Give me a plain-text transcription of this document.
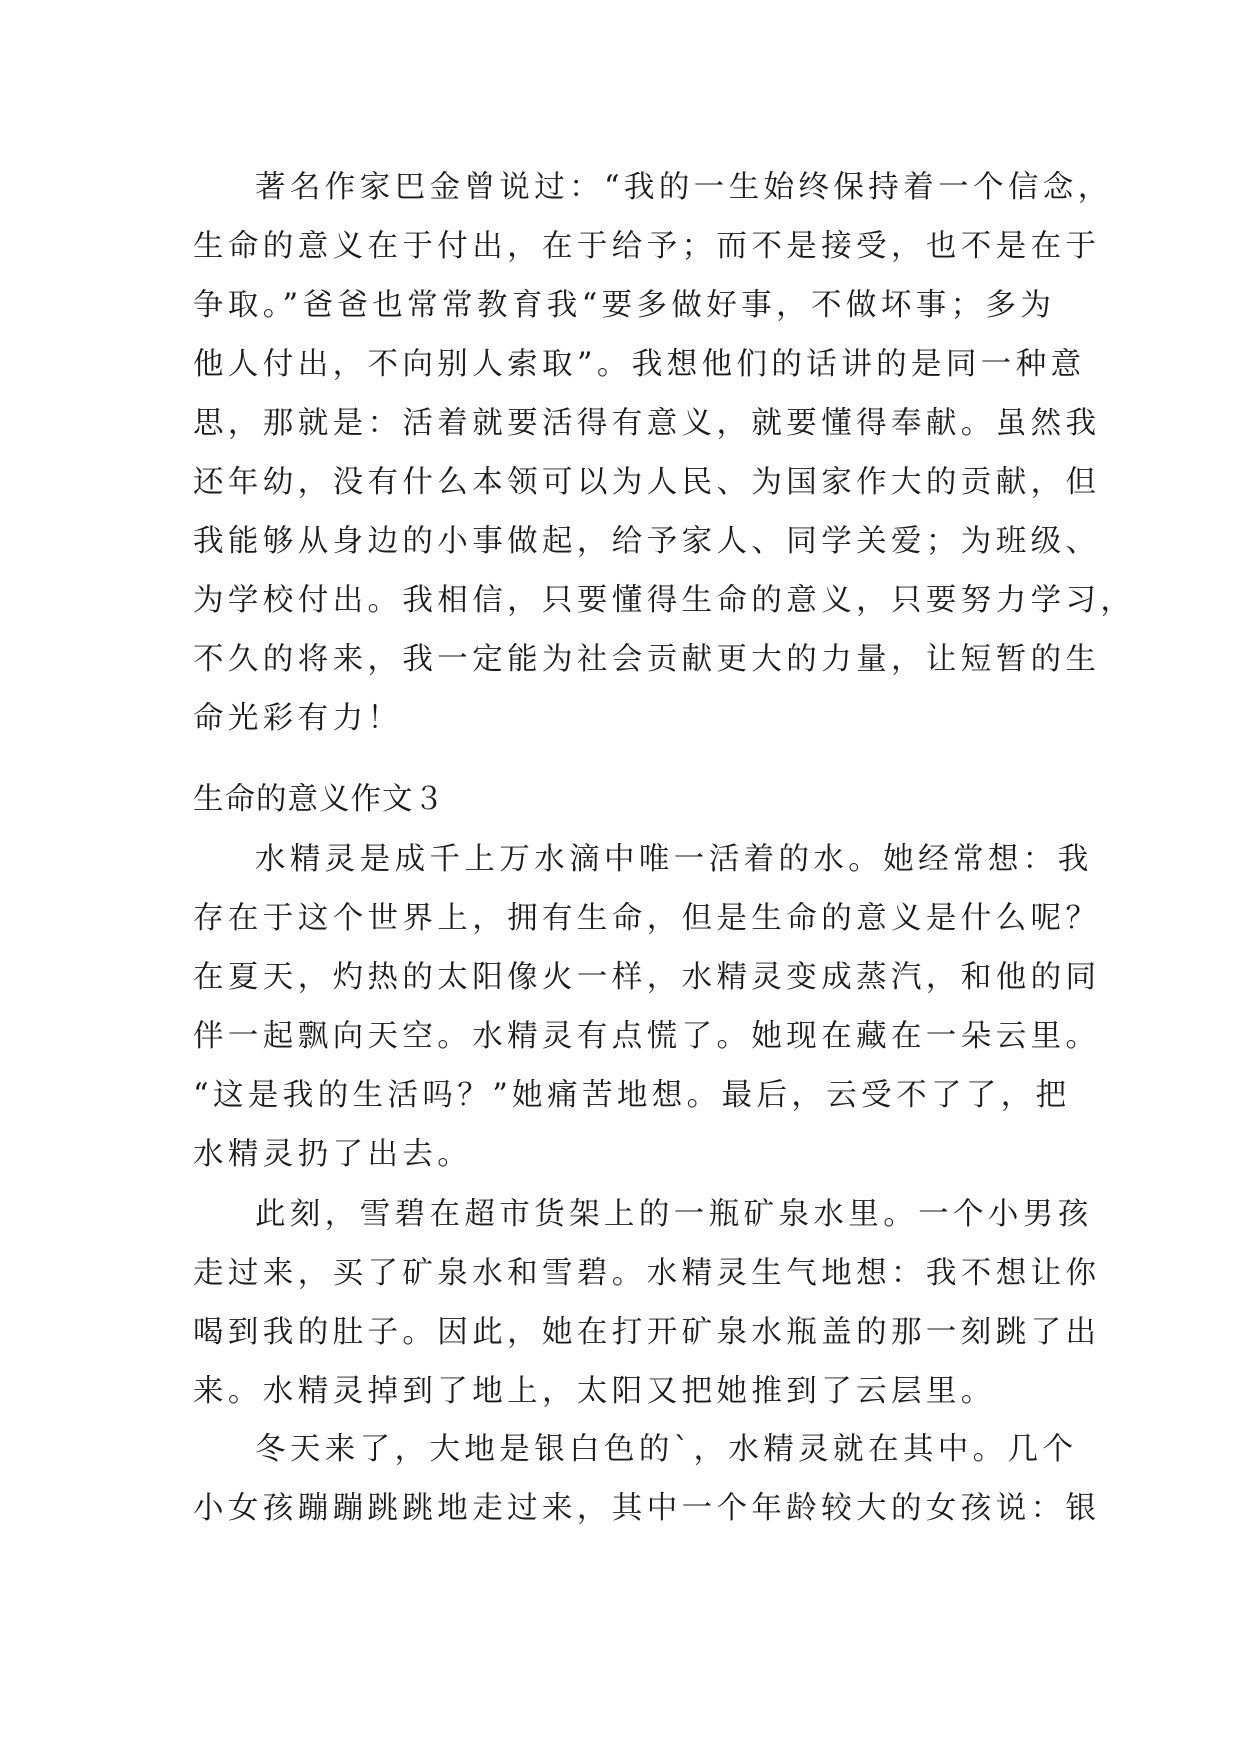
著名作家巴金曾说过：“我的一生始终保持着一个信念，
生命的意义在于付出，在于给予；而不是接受，也不是在于
争取。”爸爸也常常教育我“要多做好事，不做坏事；多为
他人付出，不向别人索取”。我想他们的话讲的是同一种意
思，那就是：活着就要活得有意义，就要懂得奉献。虽然我
还年幼，没有什么本领可以为人民、为国家作大的贡献，但
我能够从身边的小事做起，给予家人、同学关爱；为班级、
为学校付出。我相信，只要懂得生命的意义，只要努力学习，
不久的将来，我一定能为社会贡献更大的力量，让短暂的生
命光彩有力！
生命的意义作文３
水精灵是成千上万水滴中唯一活着的水。她经常想：我
存在于这个世界上，拥有生命，但是生命的意义是什么呢？
在夏天，灼热的太阳像火一样，水精灵变成蒸汽，和他的同
伴一起飘向天空。水精灵有点慌了。她现在藏在一朵云里。
“这是我的生活吗？”她痛苦地想。最后，云受不了了，把
水精灵扔了出去。
此刻，雪碧在超市货架上的一瓶矿泉水里。一个小男孩
走过来，买了矿泉水和雪碧。水精灵生气地想：我不想让你
喝到我的肚子。因此，她在打开矿泉水瓶盖的那一刻跳了出
来。水精灵掉到了地上，太阳又把她推到了云层里。
冬天来了，大地是银白色的`，水精灵就在其中。几个
小女孩蹦蹦跳跳地走过来，其中一个年龄较大的女孩说：银
